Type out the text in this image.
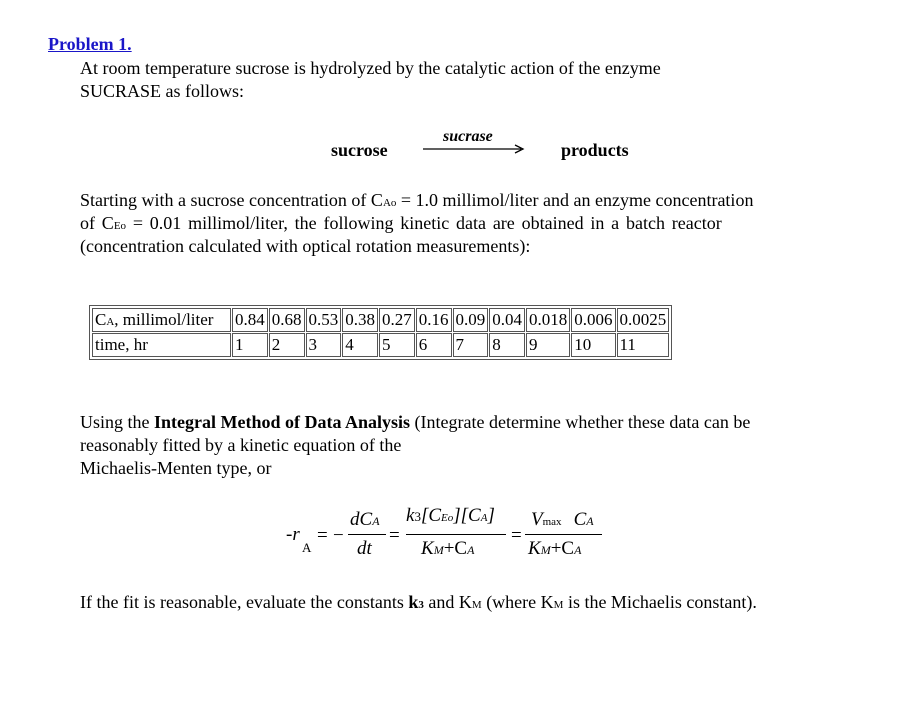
Problem 1.
At room temperature sucrose is hydrolyzed by the catalytic action of the enzyme
SUCRASE as follows:
sucrose
sucrase
products
Starting with a sucrose concentration of CAo = 1.0 millimol/liter and an enzyme concentration
of CEo = 0.01 millimol/liter, the following kinetic data are obtained in a batch reactor
(concentration calculated with optical rotation measurements):
CA, millimol/liter	0.84	0.68	0.53	0.38	0.27	0.16	0.09	0.04	0.018	0.006	0.0025
time, hr	1	2	3	4	5	6	7	8	9	10	11
Using the Integral Method of Data Analysis (Integrate determine whether these data can be
reasonably fitted by a kinetic equation of the
Michaelis-Menten type, or
-r
A
= −
dCA
dt
=
k3[CEo][CA]
KM+CA
=
Vmax CA
KM+CA
If the fit is reasonable, evaluate the constants k3 and KM (where KM is the Michaelis constant).
